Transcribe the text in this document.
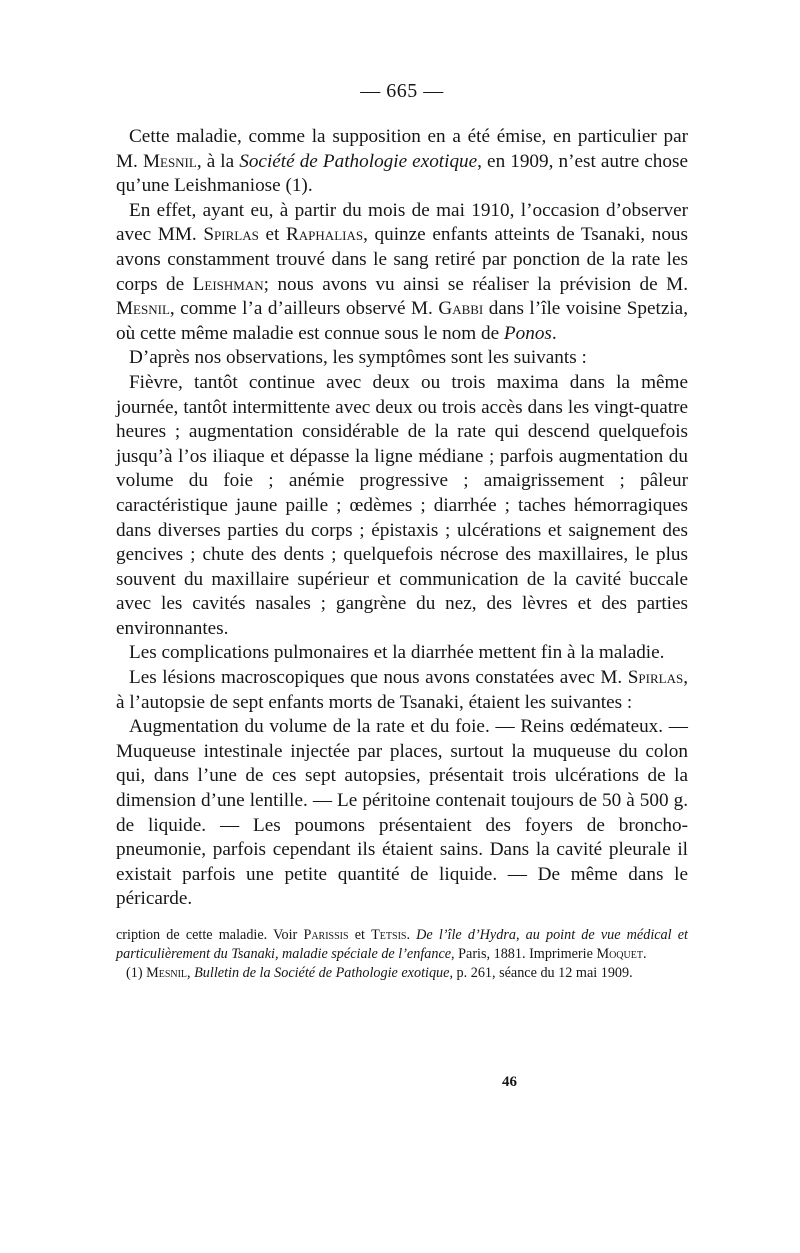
— 665 —

Cette maladie, comme la supposition en a été émise, en particulier par M. Mesnil, à la Société de Pathologie exotique, en 1909, n’est autre chose qu’une Leishmaniose (1).

En effet, ayant eu, à partir du mois de mai 1910, l’occasion d’observer avec MM. Spirlas et Raphalias, quinze enfants atteints de Tsanaki, nous avons constamment trouvé dans le sang retiré par ponction de la rate les corps de Leishman; nous avons vu ainsi se réaliser la prévision de M. Mesnil, comme l’a d’ailleurs observé M. Gabbi dans l’île voisine Spetzia, où cette même maladie est connue sous le nom de Ponos.

D’après nos observations, les symptômes sont les suivants :

Fièvre, tantôt continue avec deux ou trois maxima dans la même journée, tantôt intermittente avec deux ou trois accès dans les vingt-quatre heures ; augmentation considérable de la rate qui descend quelquefois jusqu’à l’os iliaque et dépasse la ligne médiane ; parfois augmentation du volume du foie ; anémie progressive ; amaigrissement ; pâleur caractéristique jaune paille ; œdèmes ; diarrhée ; taches hémorragiques dans diverses parties du corps ; épistaxis ; ulcérations et saignement des gencives ; chute des dents ; quelquefois nécrose des maxillaires, le plus souvent du maxillaire supérieur et communication de la cavité buccale avec les cavités nasales ; gangrène du nez, des lèvres et des parties environnantes.

Les complications pulmonaires et la diarrhée mettent fin à la maladie.

Les lésions macroscopiques que nous avons constatées avec M. Spirlas, à l’autopsie de sept enfants morts de Tsanaki, étaient les suivantes :

Augmentation du volume de la rate et du foie. — Reins œdémateux. — Muqueuse intestinale injectée par places, surtout la muqueuse du colon qui, dans l’une de ces sept autopsies, présentait trois ulcérations de la dimension d’une lentille. — Le péritoine contenait toujours de 50 à 500 g. de liquide. — Les poumons présentaient des foyers de broncho-pneumonie, parfois cependant ils étaient sains. Dans la cavité pleurale il existait parfois une petite quantité de liquide. — De même dans le péricarde.

cription de cette maladie. Voir Parissis et Tetsis. De l’île d’Hydra, au point de vue médical et particulièrement du Tsanaki, maladie spéciale de l’enfance, Paris, 1881. Imprimerie Moquet.

(1) Mesnil, Bulletin de la Société de Pathologie exotique, p. 261, séance du 12 mai 1909.

46
